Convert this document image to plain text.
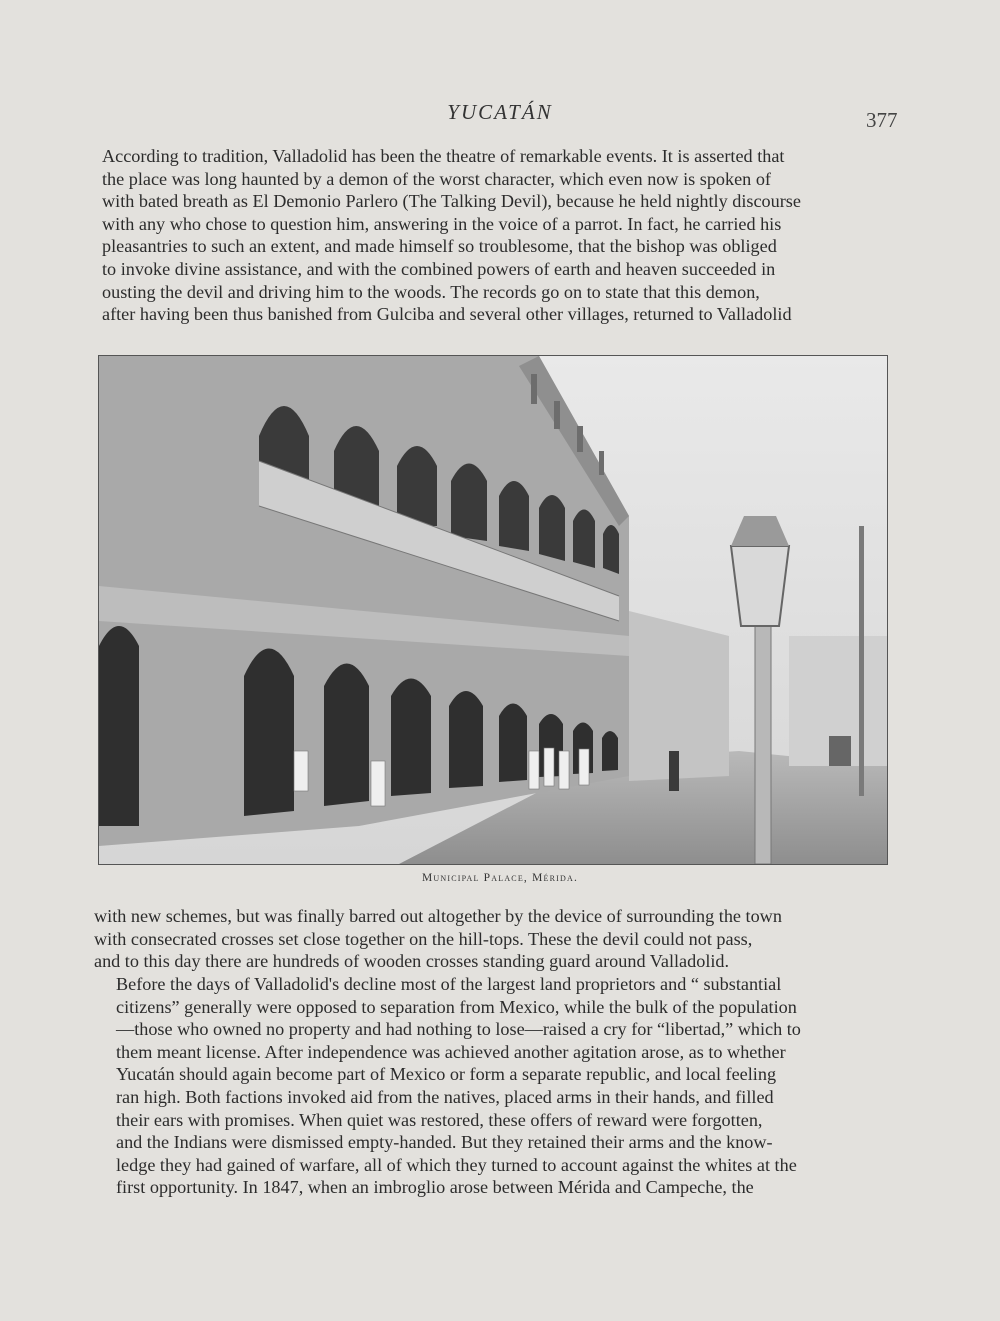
YUCATÁN	377

According to tradition, Valladolid has been the theatre of remarkable events. It is asserted that
the place was long haunted by a demon of the worst character, which even now is spoken of
with bated breath as El Demonio Parlero (The Talking Devil), because he held nightly discourse
with any who chose to question him, answering in the voice of a parrot. In fact, he carried his
pleasantries to such an extent, and made himself so troublesome, that the bishop was obliged
to invoke divine assistance, and with the combined powers of earth and heaven succeeded in
ousting the devil and driving him to the woods. The records go on to state that this demon,
after having been thus banished from Gulciba and several other villages, returned to Valladolid

Municipal Palace, Mérida.

with new schemes, but was finally barred out altogether by the device of surrounding the town
with consecrated crosses set close together on the hill-tops. These the devil could not pass,
and to this day there are hundreds of wooden crosses standing guard around Valladolid.

Before the days of Valladolid's decline most of the largest land proprietors and “ substantial
citizens” generally were opposed to separation from Mexico, while the bulk of the population
—those who owned no property and had nothing to lose—raised a cry for “libertad,” which to
them meant license. After independence was achieved another agitation arose, as to whether
Yucatán should again become part of Mexico or form a separate republic, and local feeling
ran high. Both factions invoked aid from the natives, placed arms in their hands, and filled
their ears with promises. When quiet was restored, these offers of reward were forgotten,
and the Indians were dismissed empty-handed. But they retained their arms and the know-
ledge they had gained of warfare, all of which they turned to account against the whites at the
first opportunity. In 1847, when an imbroglio arose between Mérida and Campeche, the
